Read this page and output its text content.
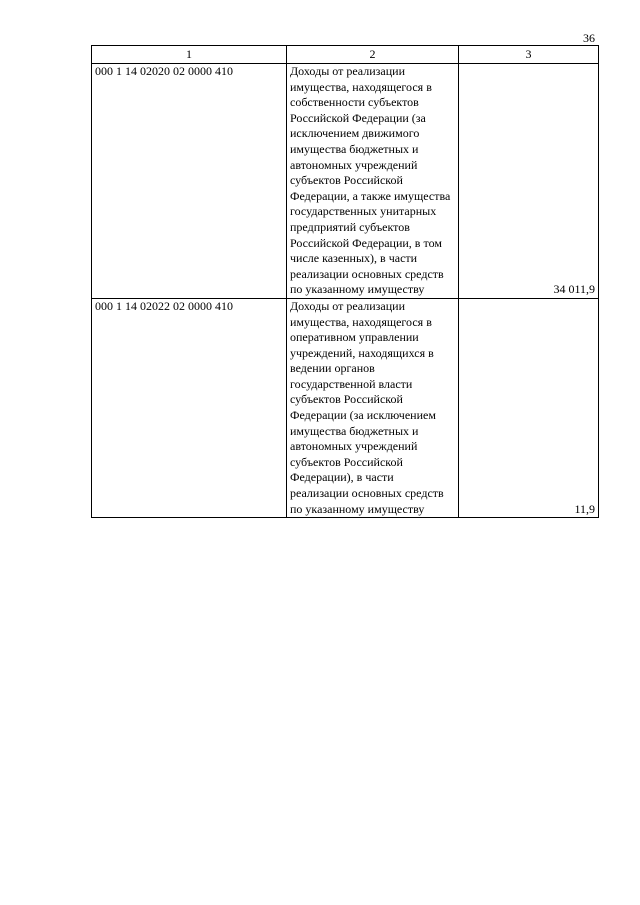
36
1	2	3
000 1 14 02020 02 0000 410	Доходы от реализации имущества, находящегося в собственности субъектов Российской Федерации (за исключением движимого имущества бюджетных и автономных учреждений субъектов Российской Федерации, а также имущества государственных унитарных предприятий субъектов Российской Федерации, в том числе казенных), в части реализации основных средств по указанному имуществу	34 011,9
000 1 14 02022 02 0000 410	Доходы от реализации имущества, находящегося в оперативном управлении учреждений, находящихся в ведении органов государственной власти субъектов Российской Федерации (за исключением имущества бюджетных и автономных учреждений субъектов Российской Федерации), в части реализации основных средств по указанному имуществу	11,9
